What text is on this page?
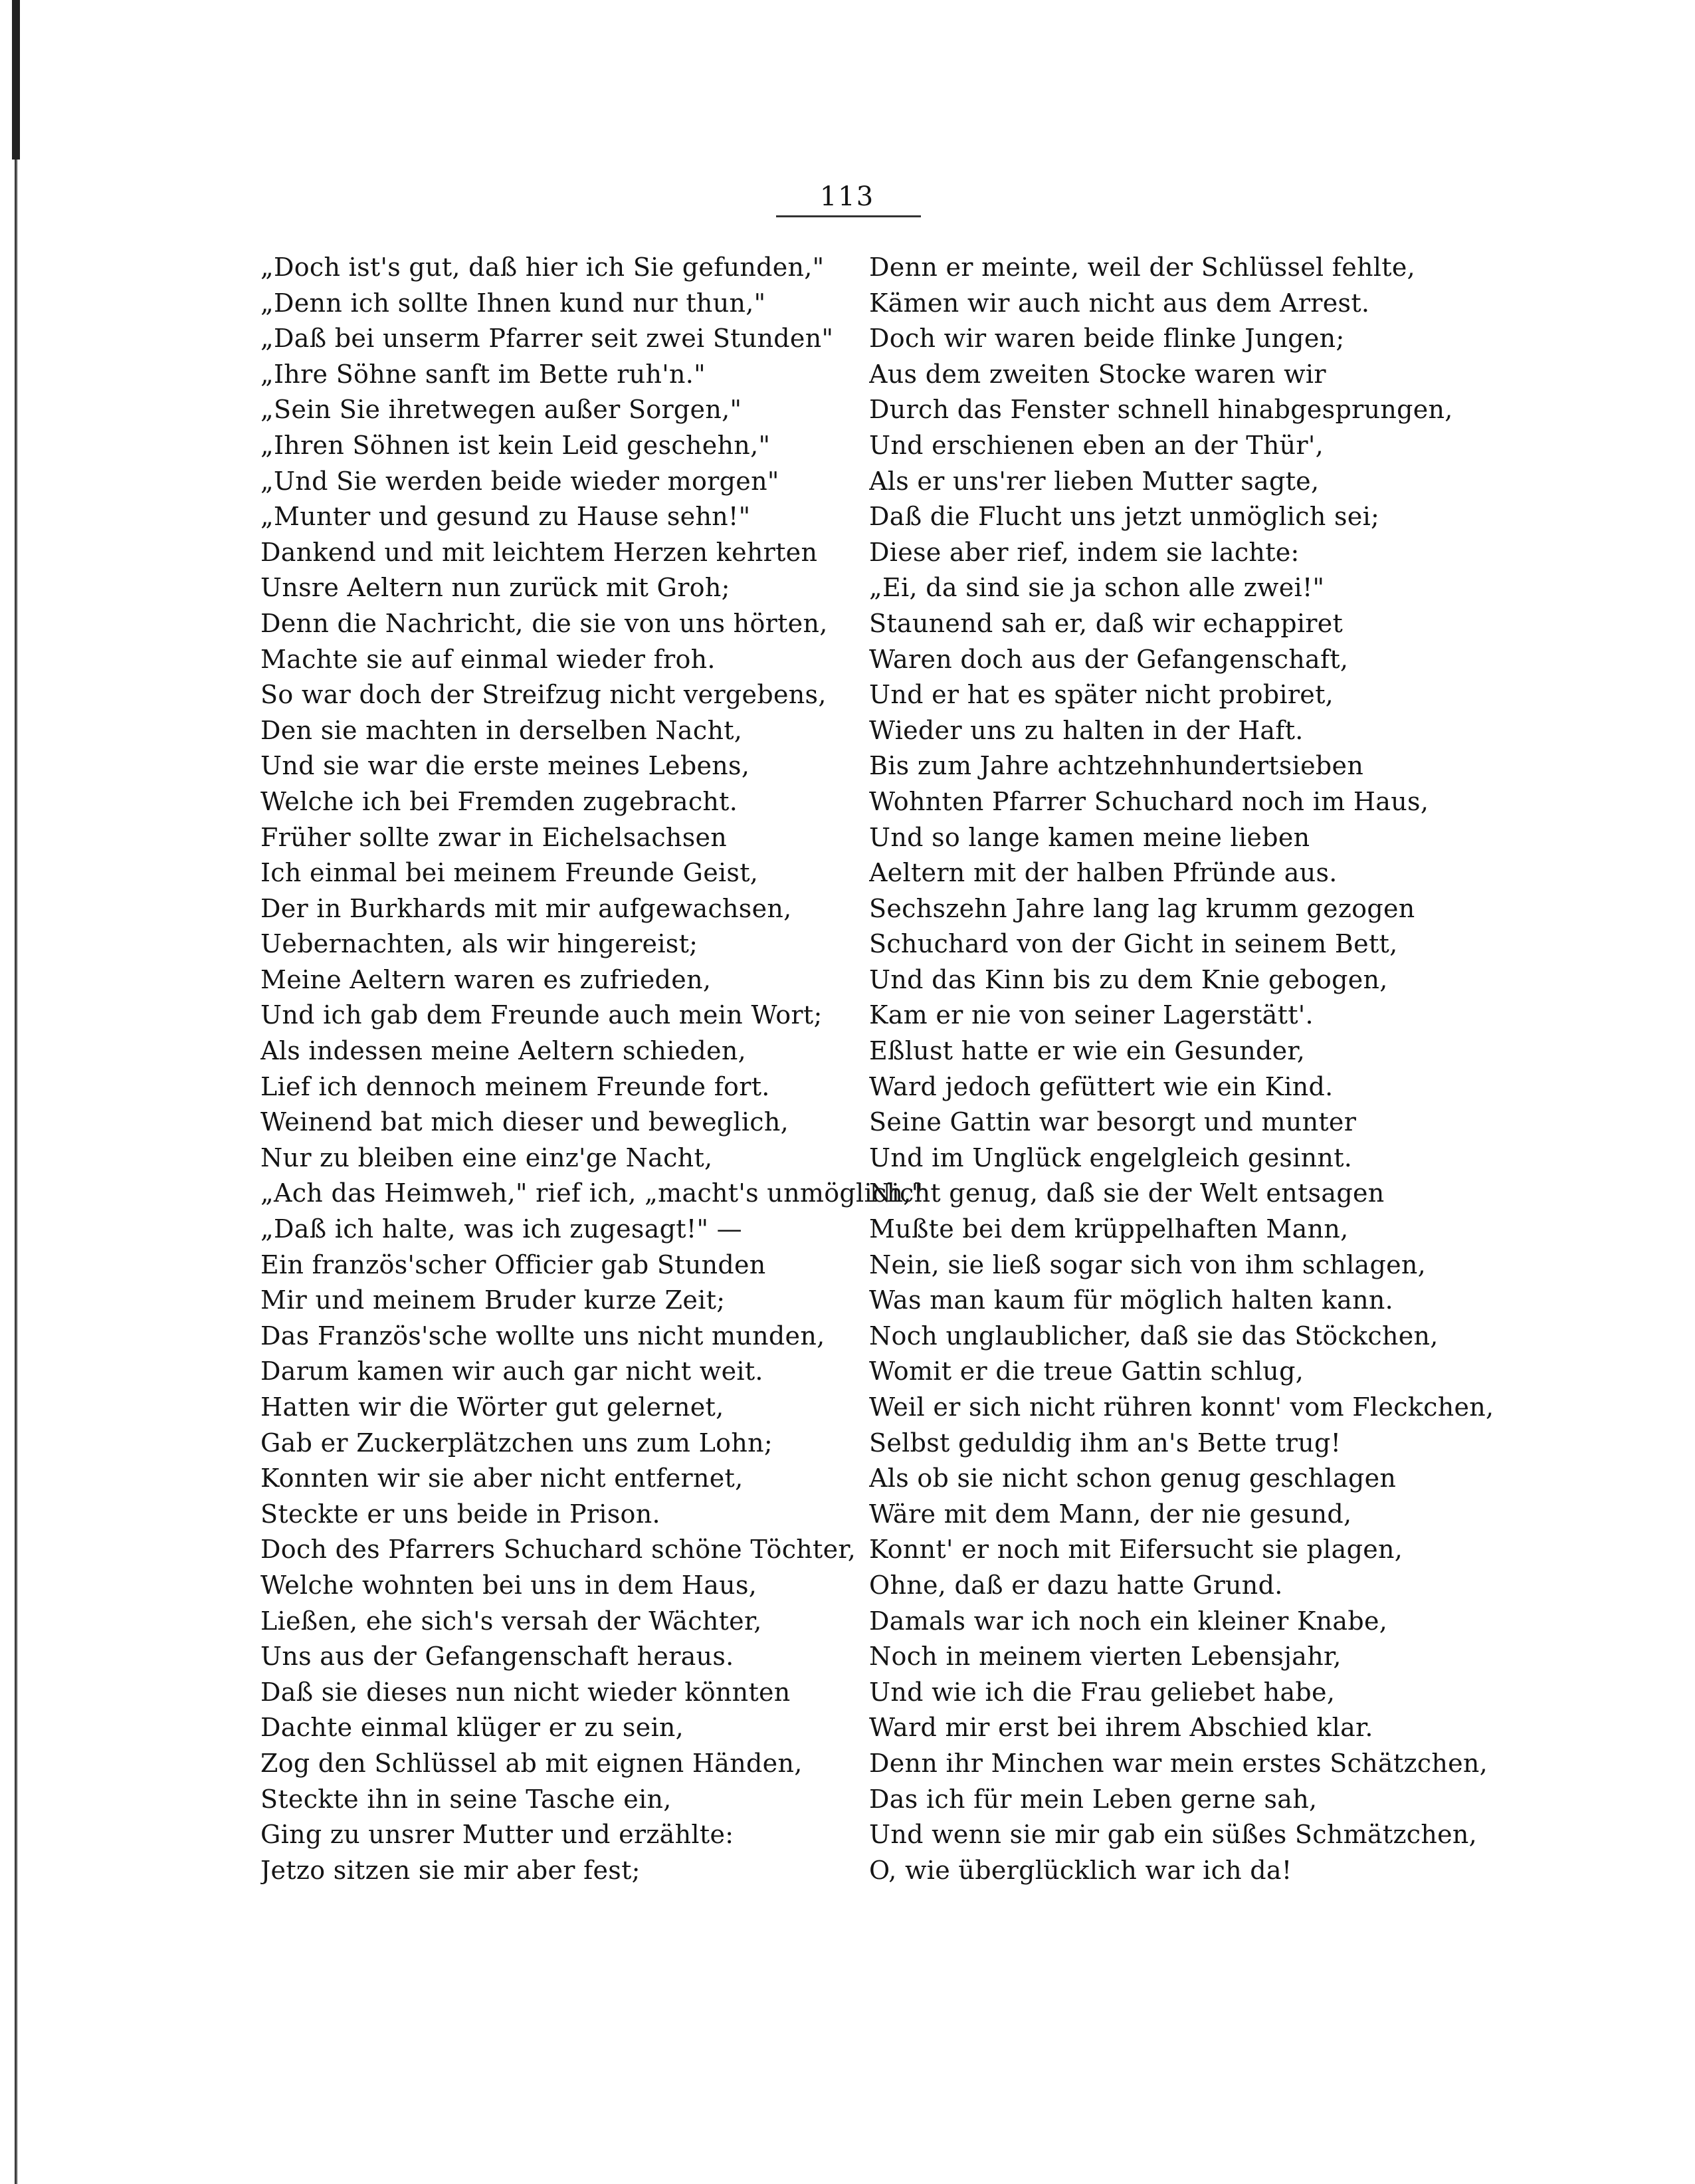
113
„Doch ist's gut, daß hier ich Sie gefunden,"
„Denn ich sollte Ihnen kund nur thun,"
„Daß bei unserm Pfarrer seit zwei Stunden"
„Ihre Söhne sanft im Bette ruh'n."
„Sein Sie ihretwegen außer Sorgen,"
„Ihren Söhnen ist kein Leid geschehn,"
„Und Sie werden beide wieder morgen"
„Munter und gesund zu Hause sehn!"
Dankend und mit leichtem Herzen kehrten
Unsre Aeltern nun zurück mit Groh;
Denn die Nachricht, die sie von uns hörten,
Machte sie auf einmal wieder froh.
So war doch der Streifzug nicht vergebens,
Den sie machten in derselben Nacht,
Und sie war die erste meines Lebens,
Welche ich bei Fremden zugebracht.
Früher sollte zwar in Eichelsachsen
Ich einmal bei meinem Freunde Geist,
Der in Burkhards mit mir aufgewachsen,
Uebernachten, als wir hingereist;
Meine Aeltern waren es zufrieden,
Und ich gab dem Freunde auch mein Wort;
Als indessen meine Aeltern schieden,
Lief ich dennoch meinem Freunde fort.
Weinend bat mich dieser und beweglich,
Nur zu bleiben eine einz'ge Nacht,
„Ach das Heimweh," rief ich, „macht's unmöglich,"
„Daß ich halte, was ich zugesagt!" —
Ein französ'scher Officier gab Stunden
Mir und meinem Bruder kurze Zeit;
Das Französ'sche wollte uns nicht munden,
Darum kamen wir auch gar nicht weit.
Hatten wir die Wörter gut gelernet,
Gab er Zuckerplätzchen uns zum Lohn;
Konnten wir sie aber nicht entfernet,
Steckte er uns beide in Prison.
Doch des Pfarrers Schuchard schöne Töchter,
Welche wohnten bei uns in dem Haus,
Ließen, ehe sich's versah der Wächter,
Uns aus der Gefangenschaft heraus.
Daß sie dieses nun nicht wieder könnten
Dachte einmal klüger er zu sein,
Zog den Schlüssel ab mit eignen Händen,
Steckte ihn in seine Tasche ein,
Ging zu unsrer Mutter und erzählte:
Jetzo sitzen sie mir aber fest;
Denn er meinte, weil der Schlüssel fehlte,
Kämen wir auch nicht aus dem Arrest.
Doch wir waren beide flinke Jungen;
Aus dem zweiten Stocke waren wir
Durch das Fenster schnell hinabgesprungen,
Und erschienen eben an der Thür',
Als er uns'rer lieben Mutter sagte,
Daß die Flucht uns jetzt unmöglich sei;
Diese aber rief, indem sie lachte:
„Ei, da sind sie ja schon alle zwei!"
Staunend sah er, daß wir echappiret
Waren doch aus der Gefangenschaft,
Und er hat es später nicht probiret,
Wieder uns zu halten in der Haft.
Bis zum Jahre achtzehnhundertsieben
Wohnten Pfarrer Schuchard noch im Haus,
Und so lange kamen meine lieben
Aeltern mit der halben Pfründe aus.
Sechszehn Jahre lang lag krumm gezogen
Schuchard von der Gicht in seinem Bett,
Und das Kinn bis zu dem Knie gebogen,
Kam er nie von seiner Lagerstätt'.
Eßlust hatte er wie ein Gesunder,
Ward jedoch gefüttert wie ein Kind.
Seine Gattin war besorgt und munter
Und im Unglück engelgleich gesinnt.
Nicht genug, daß sie der Welt entsagen
Mußte bei dem krüppelhaften Mann,
Nein, sie ließ sogar sich von ihm schlagen,
Was man kaum für möglich halten kann.
Noch unglaublicher, daß sie das Stöckchen,
Womit er die treue Gattin schlug,
Weil er sich nicht rühren konnt' vom Fleckchen,
Selbst geduldig ihm an's Bette trug!
Als ob sie nicht schon genug geschlagen
Wäre mit dem Mann, der nie gesund,
Konnt' er noch mit Eifersucht sie plagen,
Ohne, daß er dazu hatte Grund.
Damals war ich noch ein kleiner Knabe,
Noch in meinem vierten Lebensjahr,
Und wie ich die Frau geliebet habe,
Ward mir erst bei ihrem Abschied klar.
Denn ihr Minchen war mein erstes Schätzchen,
Das ich für mein Leben gerne sah,
Und wenn sie mir gab ein süßes Schmätzchen,
O, wie überglücklich war ich da!
